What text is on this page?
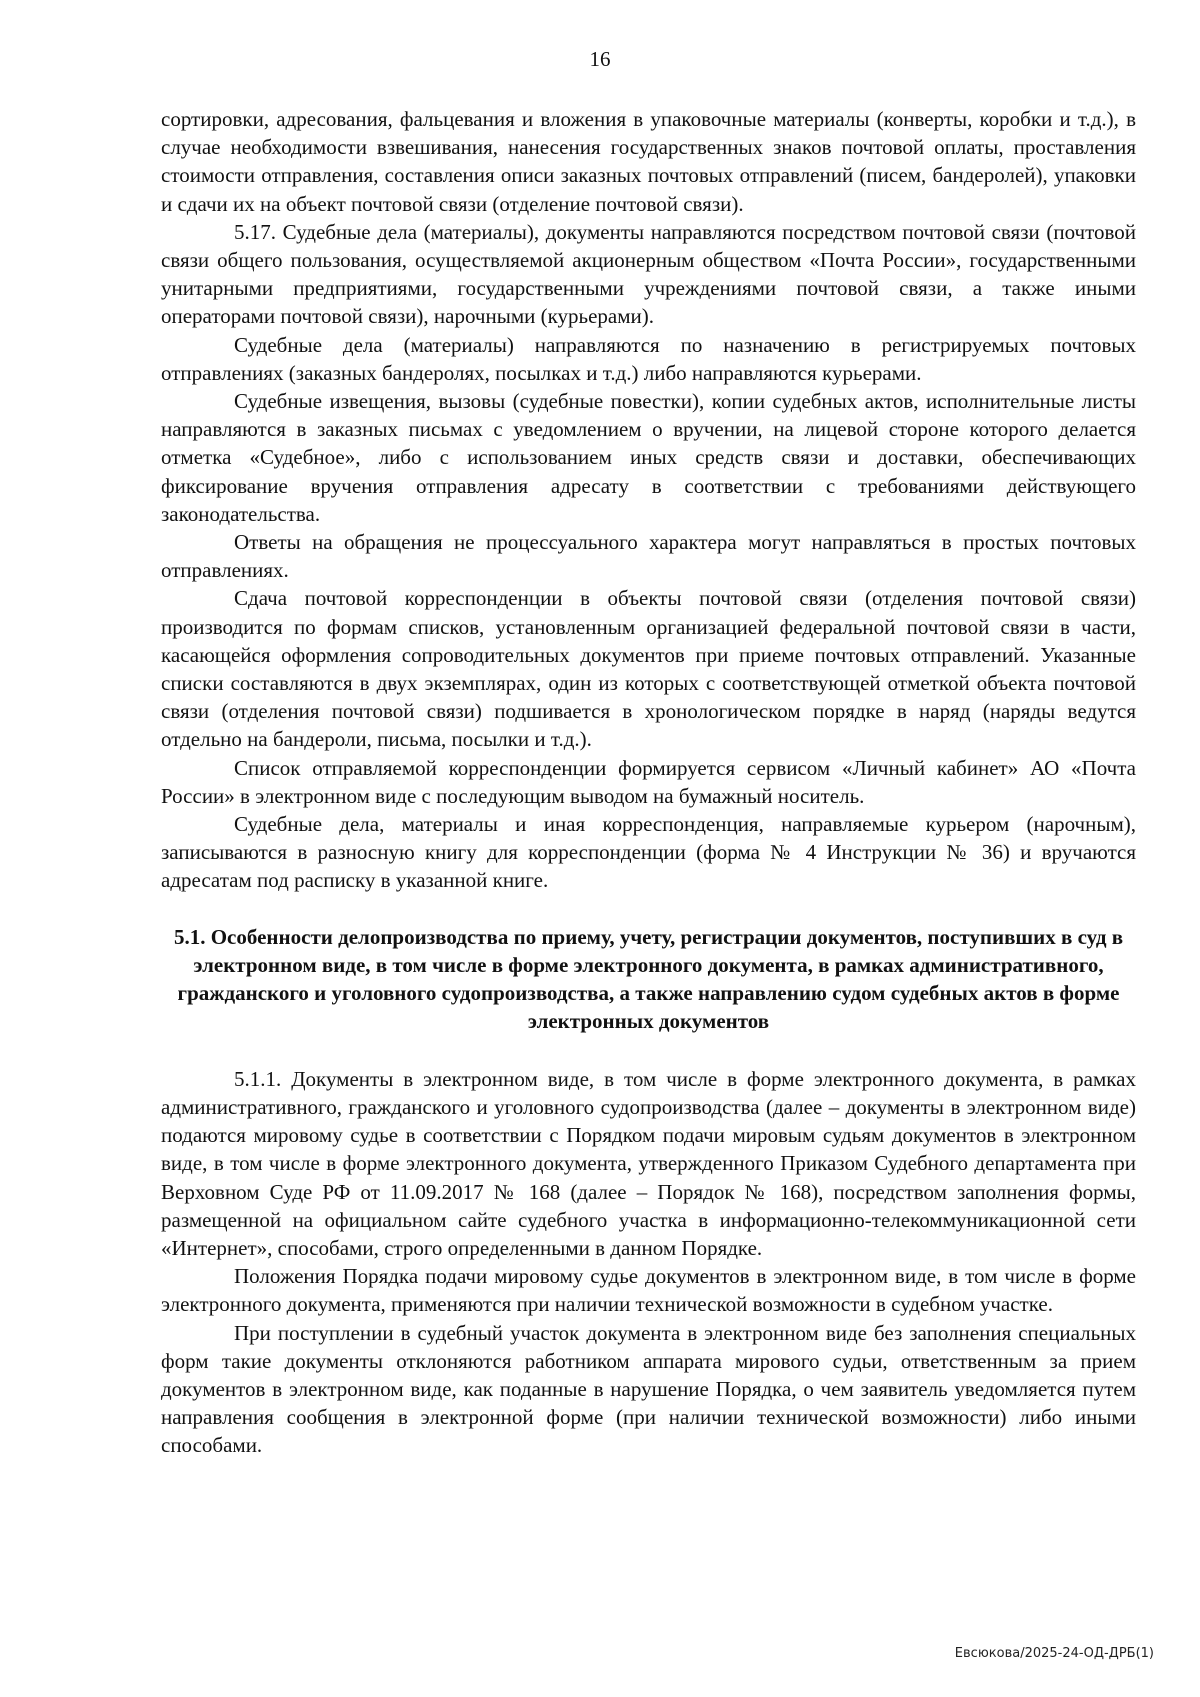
16

сортировки, адресования, фальцевания и вложения в упаковочные материалы (конверты, коробки и т.д.), в случае необходимости взвешивания, нанесения государственных знаков почтовой оплаты, проставления стоимости отправления, составления описи заказных почтовых отправлений (писем, бандеролей), упаковки и сдачи их на объект почтовой связи (отделение почтовой связи).

5.17. Судебные дела (материалы), документы направляются посредством почтовой связи (почтовой связи общего пользования, осуществляемой акционерным обществом «Почта России», государственными унитарными предприятиями, государственными учреждениями почтовой связи, а также иными операторами почтовой связи), нарочными (курьерами).

Судебные дела (материалы) направляются по назначению в регистрируемых почтовых отправлениях (заказных бандеролях, посылках и т.д.) либо направляются курьерами.

Судебные извещения, вызовы (судебные повестки), копии судебных актов, исполнительные листы направляются в заказных письмах с уведомлением о вручении, на лицевой стороне которого делается отметка «Судебное», либо с использованием иных средств связи и доставки, обеспечивающих фиксирование вручения отправления адресату в соответствии с требованиями действующего законодательства.

Ответы на обращения не процессуального характера могут направляться в простых почтовых отправлениях.

Сдача почтовой корреспонденции в объекты почтовой связи (отделения почтовой связи) производится по формам списков, установленным организацией федеральной почтовой связи в части, касающейся оформления сопроводительных документов при приеме почтовых отправлений. Указанные списки составляются в двух экземплярах, один из которых с соответствующей отметкой объекта почтовой связи (отделения почтовой связи) подшивается в хронологическом порядке в наряд (наряды ведутся отдельно на бандероли, письма, посылки и т.д.).

Список отправляемой корреспонденции формируется сервисом «Личный кабинет» АО «Почта России» в электронном виде с последующим выводом на бумажный носитель.

Судебные дела, материалы и иная корреспонденция, направляемые курьером (нарочным), записываются в разносную книгу для корреспонденции (форма № 4 Инструкции № 36) и вручаются адресатам под расписку в указанной книге.

5.1. Особенности делопроизводства по приему, учету, регистрации документов, поступивших в суд в электронном виде, в том числе в форме электронного документа, в рамках административного, гражданского и уголовного судопроизводства, а также направлению судом судебных актов в форме электронных документов

5.1.1. Документы в электронном виде, в том числе в форме электронного документа, в рамках административного, гражданского и уголовного судопроизводства (далее – документы в электронном виде) подаются мировому судье в соответствии с Порядком подачи мировым судьям документов в электронном виде, в том числе в форме электронного документа, утвержденного Приказом Судебного департамента при Верховном Суде РФ от 11.09.2017 № 168 (далее – Порядок № 168), посредством заполнения формы, размещенной на официальном сайте судебного участка в информационно-телекоммуникационной сети «Интернет», способами, строго определенными в данном Порядке.

Положения Порядка подачи мировому судье документов в электронном виде, в том числе в форме электронного документа, применяются при наличии технической возможности в судебном участке.

При поступлении в судебный участок документа в электронном виде без заполнения специальных форм такие документы отклоняются работником аппарата мирового судьи, ответственным за прием документов в электронном виде, как поданные в нарушение Порядка, о чем заявитель уведомляется путем направления сообщения в электронной форме (при наличии технической возможности) либо иными способами.

Евсюкова/2025-24-ОД-ДРБ(1)
